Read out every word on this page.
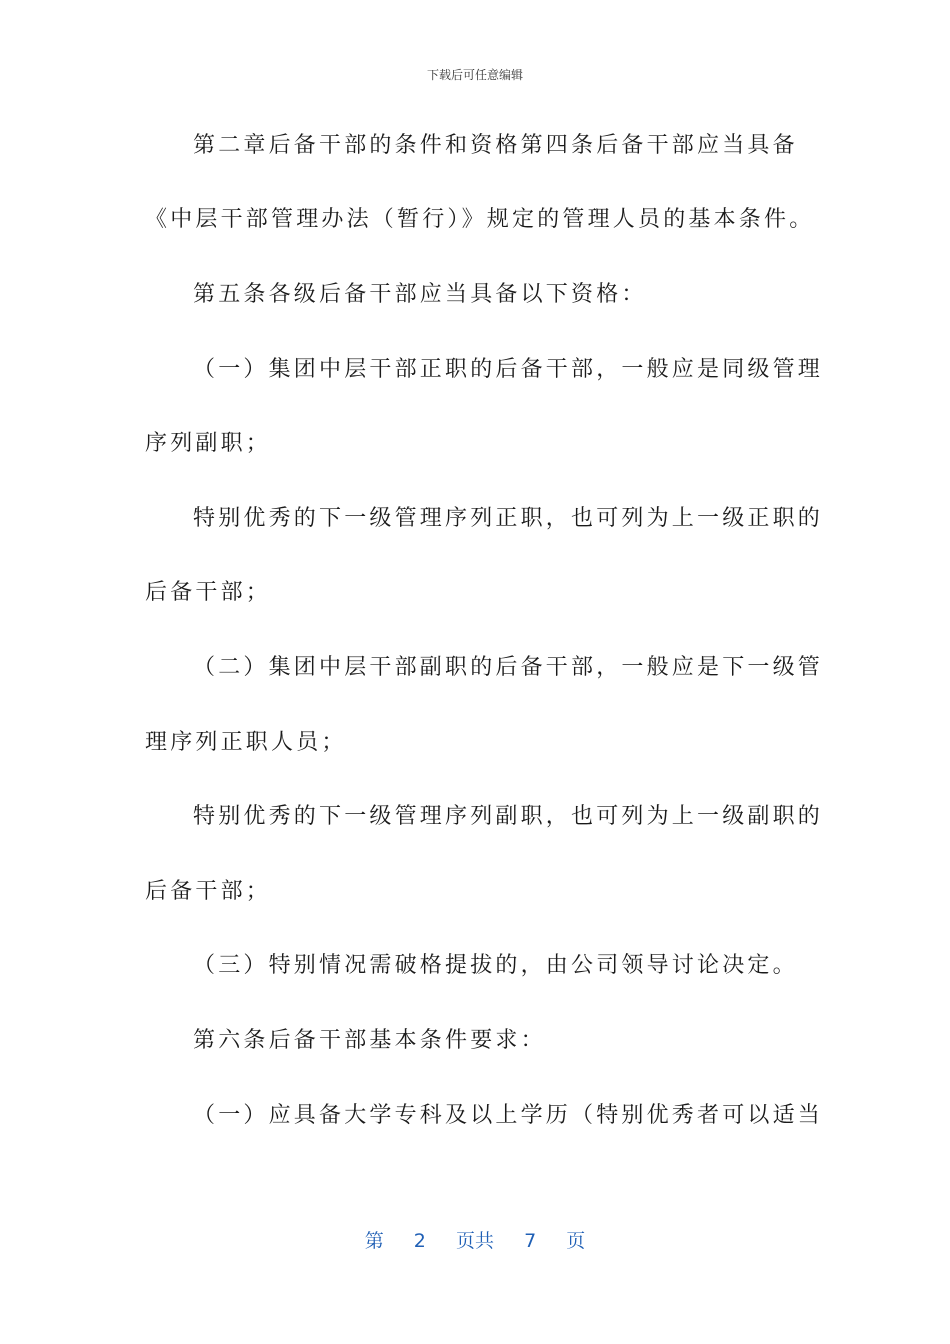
下载后可任意编辑
第二章后备干部的条件和资格第四条后备干部应当具备
《中层干部管理办法（暂行）》规定的管理人员的基本条件。
第五条各级后备干部应当具备以下资格：
（一）集团中层干部正职的后备干部，一般应是同级管理
序列副职；
特别优秀的下一级管理序列正职，也可列为上一级正职的
后备干部；
（二）集团中层干部副职的后备干部，一般应是下一级管
理序列正职人员；
特别优秀的下一级管理序列副职，也可列为上一级副职的
后备干部；
（三）特别情况需破格提拔的，由公司领导讨论决定。
第六条后备干部基本条件要求：
（一）应具备大学专科及以上学历（特别优秀者可以适当
第 2 页共 7 页
